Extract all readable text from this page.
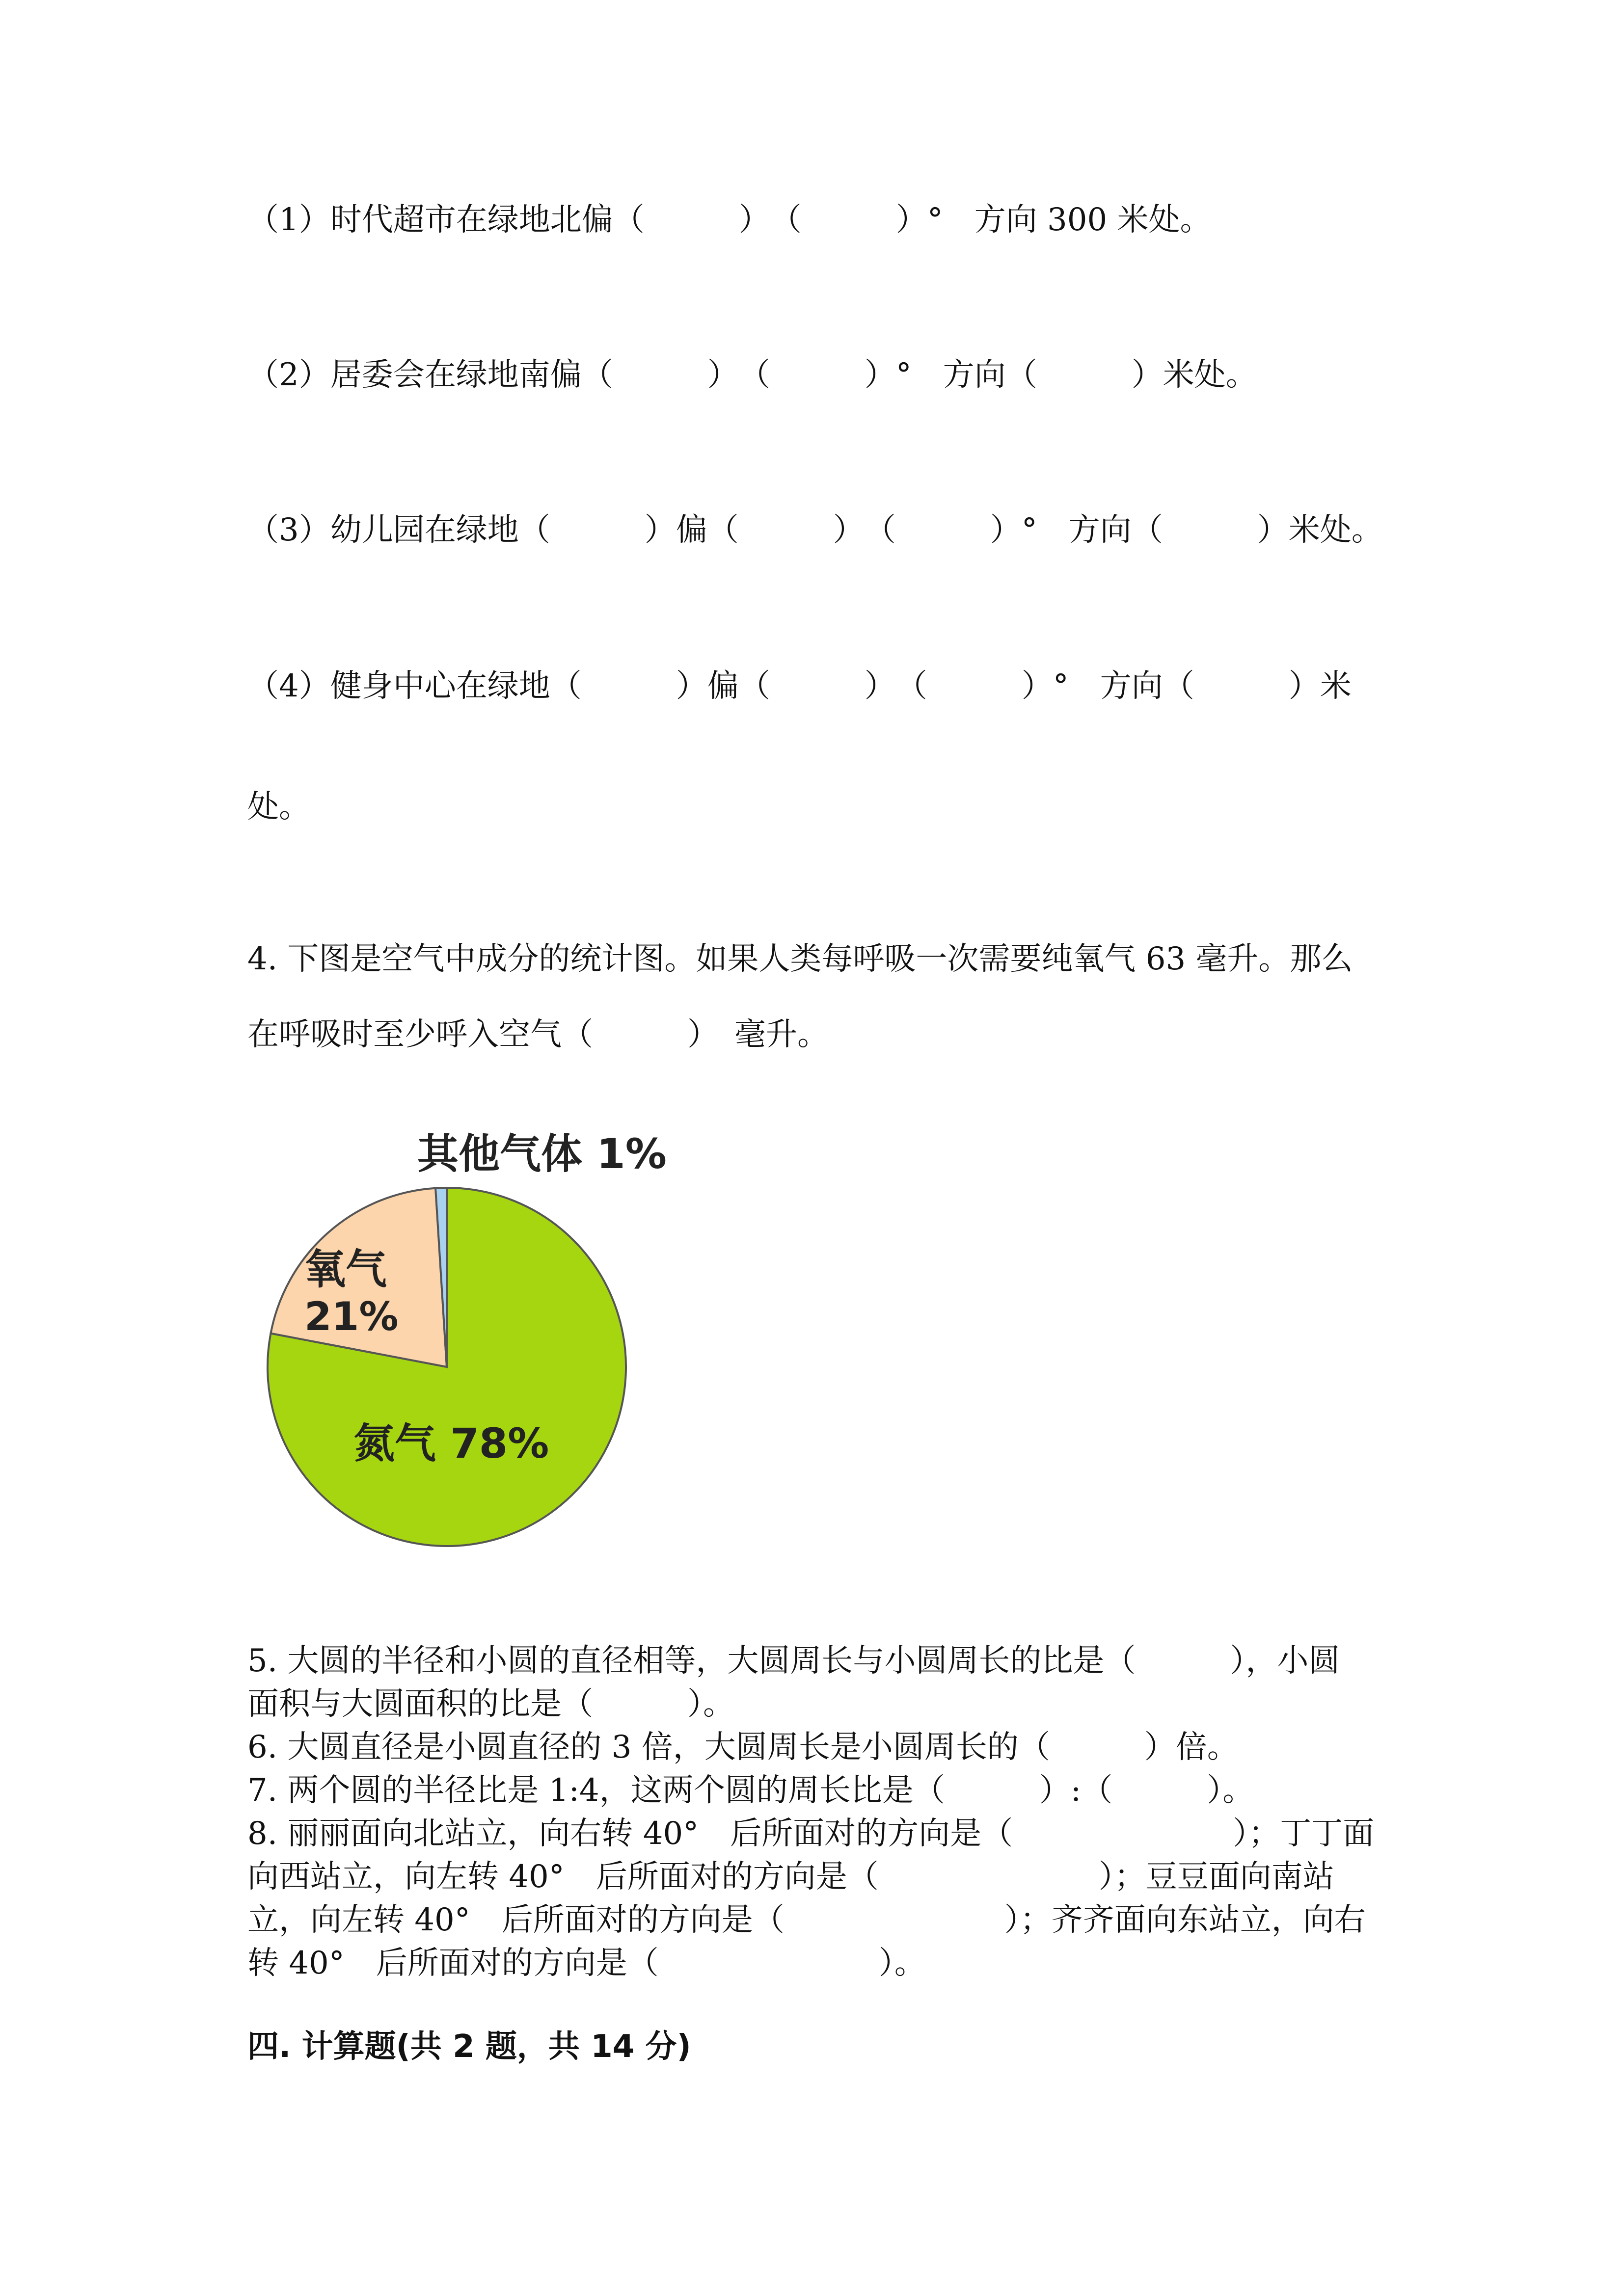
（1）时代超市在绿地北偏（　　　）　（　　　）°　方向 300 米处。

（2）居委会在绿地南偏（　　　）　（　　　）°　方向（　　　）米处。

（3）幼儿园在绿地（　　　）偏（　　　）　（　　　）°　方向（　　　）米处。

（4）健身中心在绿地（　　　）偏（　　　）　（　　　）°　方向（　　　）米

处。

4. 下图是空气中成分的统计图。如果人类每呼吸一次需要纯氧气 63 毫升。那么

在呼吸时至少呼入空气（　　　）　毫升。

氮气 78%
氧气
21%
其他气体 1%

5. 大圆的半径和小圆的直径相等，大圆周长与小圆周长的比是（　　　），小圆

面积与大圆面积的比是（　　　）。

6. 大圆直径是小圆直径的 3 倍，大圆周长是小圆周长的（　　　）倍。

7. 两个圆的半径比是 1:4，这两个圆的周长比是（　　　）:（　　　）。

8. 丽丽面向北站立，向右转 40°　后所面对的方向是（　　　　　　　）；丁丁面

向西站立，向左转 40°　后所面对的方向是（　　　　　　　）；豆豆面向南站

立，向左转 40°　后所面对的方向是（　　　　　　　）；齐齐面向东站立，向右

转 40°　后所面对的方向是（　　　　　　　）。

四. 计算题(共 2 题，共 14 分)
